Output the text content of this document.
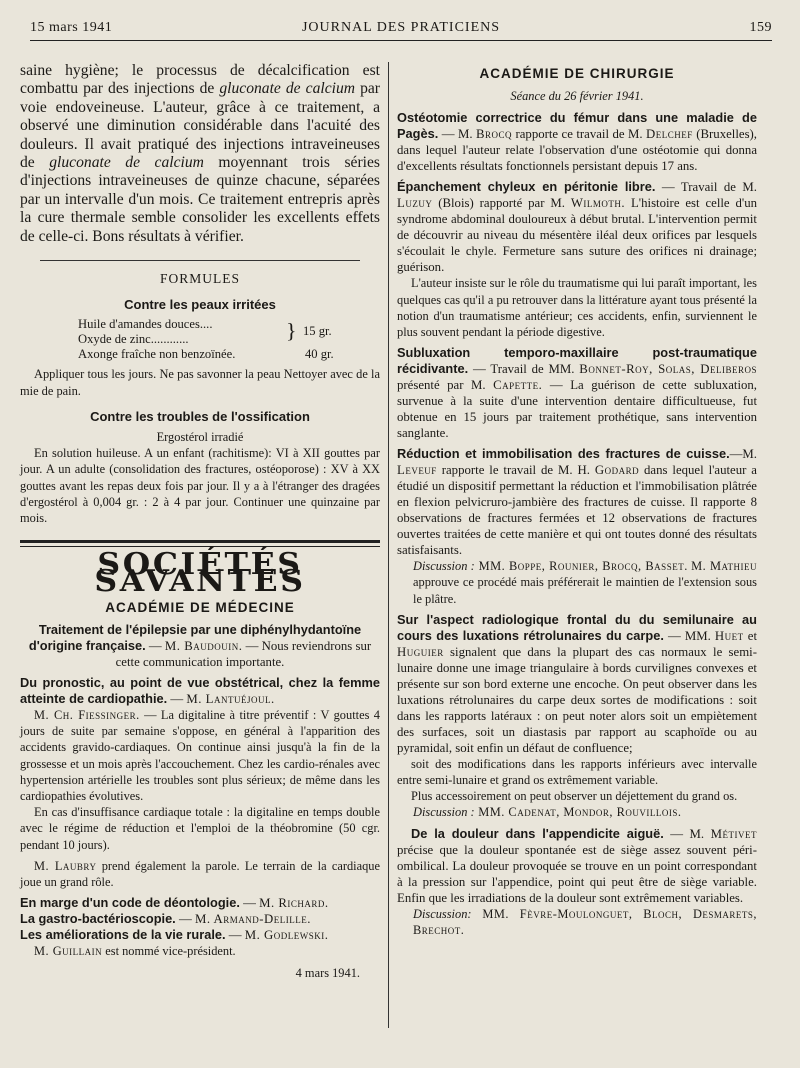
15 mars 1941	JOURNAL DES PRATICIENS	159

saine hygiène; le processus de décalcification est combattu par des injections de gluconate de calcium par voie endoveineuse. L'auteur, grâce à ce traitement, a observé une diminution considérable dans l'acuité des douleurs. Il avait pratiqué des injections intraveineuses de gluconate de calcium moyennant trois séries d'injections intraveineuses de quinze chacune, séparées par un intervalle d'un mois. Ce traitement entrepris après la cure thermale semble consolider les excellents effets de celle-ci. Bons résultats à vérifier.

FORMULES
Contre les peaux irritées
Huile d'amandes douces....
Oxyde de zinc............	} 15 gr.
Axonge fraîche non benzoïnée.	40 gr.

Appliquer tous les jours. Ne pas savonner la peau Nettoyer avec de la mie de pain.

Contre les troubles de l'ossification
Ergostérol irradié

En solution huileuse. A un enfant (rachitisme): VI à XII gouttes par jour. A un adulte (consolidation des fractures, ostéoporose) : XV à XX gouttes avant les repas deux fois par jour. Il y a à l'étranger des dragées d'ergostérol à 0,004 gr. : 2 à 4 par jour. Continuer une quinzaine par mois.

SOCIÉTÉS SAVANTES
ACADÉMIE DE MÉDECINE

Traitement de l'épilepsie par une diphénylhydantoïne d'origine française. — M. Baudouin. — Nous reviendrons sur cette communication importante.

Du pronostic, au point de vue obstétrical, chez la femme atteinte de cardiopathie. — M. Lantuéjoul.

M. Ch. Fiessinger. — La digitaline à titre préventif : V gouttes 4 jours de suite par semaine s'oppose, en général à l'apparition des accidents gravido-cardiaques. On continue ainsi jusqu'à la fin de la grossesse et un mois après l'accouchement. Chez les cardio-rénales avec hypertension artérielle les troubles sont plus sérieux; de même dans les cardiopathies évolutives.

En cas d'insuffisance cardiaque totale : la digitaline en temps double avec le régime de réduction et l'emploi de la théobromine (50 cgr. pendant 10 jours).

M. Laubry prend également la parole. Le terrain de la cardiaque joue un grand rôle.

En marge d'un code de déontologie. — M. Richard.

La gastro-bactérioscopie. — M. Armand-Delille.

Les améliorations de la vie rurale. — M. Godlewski.

M. Guillain est nommé vice-président.

4 mars 1941.
ACADÉMIE DE CHIRURGIE
Séance du 26 février 1941.

Ostéotomie correctrice du fémur dans une maladie de Pagès. — M. Brocq rapporte ce travail de M. Delchef (Bruxelles), dans lequel l'auteur relate l'observation d'une ostéotomie qui donna d'excellents résultats fonctionnels persistant depuis 17 ans.

Épanchement chyleux en péritonie libre. — Travail de M. Luzuy (Blois) rapporté par M. Wilmoth. L'histoire est celle d'un syndrome abdominal douloureux à début brutal. L'intervention permit de découvrir au niveau du mésentère iléal deux orifices par lesquels s'écoulait le chyle. Fermeture sans suture des orifices ni drainage; guérison.

L'auteur insiste sur le rôle du traumatisme qui lui paraît important, les quelques cas qu'il a pu retrouver dans la littérature ayant tous présenté la notion d'un traumatisme antérieur; ces accidents, enfin, surviennent le plus souvent pendant la période digestive.

Subluxation temporo-maxillaire post-traumatique récidivante. — Travail de MM. Bonnet-Roy, Solas, Deliberos présenté par M. Capette. — La guérison de cette subluxation, survenue à la suite d'une intervention dentaire difficultueuse, fut obtenue en 15 jours par traitement prothétique, sans intervention sanglante.

Réduction et immobilisation des fractures de cuisse.—M. Leveuf rapporte le travail de M. H. Godard dans lequel l'auteur a étudié un dispositif permettant la réduction et l'immobilisation plâtrée en flexion pelvicruro-jambière des fractures de cuisse. Il rapporte 8 observations de fractures fermées et 12 observations de fractures ouvertes traitées de cette manière et qui ont toutes donné des résultats satisfaisants.

Discussion : MM. Boppe, Rounier, Brocq, Basset. M. Mathieu approuve ce procédé mais préférerait le maintien de l'extension sous le plâtre.

Sur l'aspect radiologique frontal du du semilunaire au cours des luxations rétrolunaires du carpe. — MM. Huet et Huguier signalent que dans la plupart des cas normaux le semi-lunaire donne une image triangulaire à bords curvilignes convexes et présente sur son bord externe une encoche. On peut observer dans les luxations rétrolunaires du carpe deux sortes de modifications : soit dans les rapports latéraux : on peut noter alors soit un empiètement des surfaces, soit un diastasis par rapport au scaphoïde ou au pyramidal, soit enfin un défaut de confluence;

soit des modifications dans les rapports inférieurs avec intervalle entre semi-lunaire et grand os extrêmement variable.

Plus accessoirement on peut observer un déjettement du grand os.

Discussion : MM. Cadenat, Mondor, Rouvillois.

De la douleur dans l'appendicite aiguë. — M. Métivet précise que la douleur spontanée est de siège assez souvent péri-ombilical. La douleur provoquée se trouve en un point correspondant à la pression sur l'appendice, point qui peut être de siège variable. Enfin que les irradiations de la douleur sont extrêmement variables.

Discussion: MM. Fèvre-Moulonguet, Bloch, Desmarets, Brechot.
